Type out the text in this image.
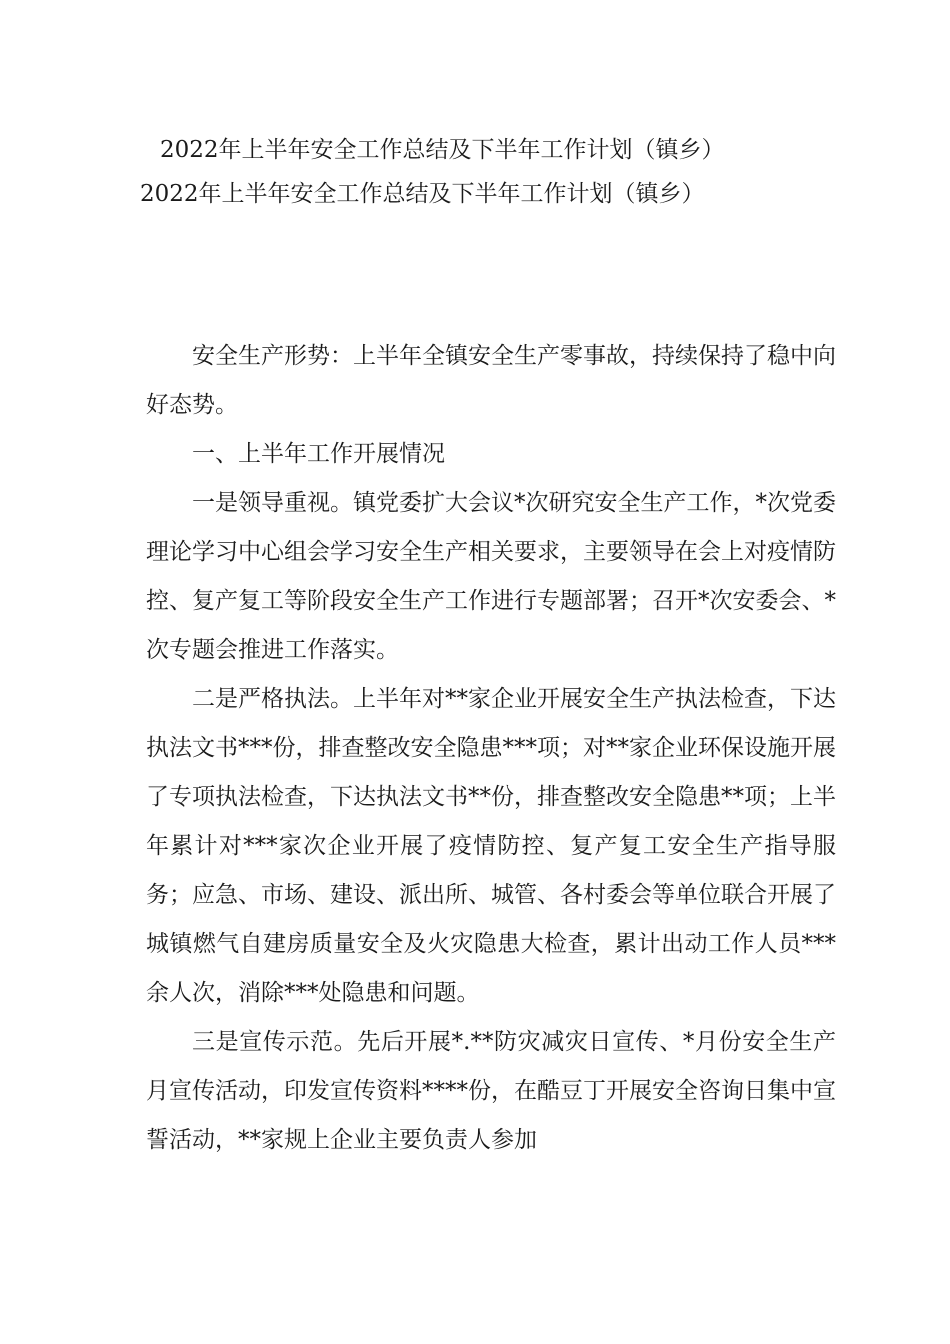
2022年上半年安全工作总结及下半年工作计划（镇乡）
2022年上半年安全工作总结及下半年工作计划（镇乡）

安全生产形势：上半年全镇安全生产零事故，持续保持了稳中向好态势。

一、上半年工作开展情况

一是领导重视。镇党委扩大会议*次研究安全生产工作，*次党委理论学习中心组会学习安全生产相关要求，主要领导在会上对疫情防控、复产复工等阶段安全生产工作进行专题部署；召开*次安委会、*次专题会推进工作落实。

二是严格执法。上半年对**家企业开展安全生产执法检查，下达执法文书***份，排查整改安全隐患***项；对**家企业环保设施开展了专项执法检查，下达执法文书**份，排查整改安全隐患**项；上半年累计对***家次企业开展了疫情防控、复产复工安全生产指导服务；应急、市场、建设、派出所、城管、各村委会等单位联合开展了城镇燃气自建房质量安全及火灾隐患大检查，累计出动工作人员***余人次，消除***处隐患和问题。

三是宣传示范。先后开展*.**防灾减灾日宣传、*月份安全生产月宣传活动，印发宣传资料****份，在酷豆丁开展安全咨询日集中宣誓活动，**家规上企业主要负责人参加
